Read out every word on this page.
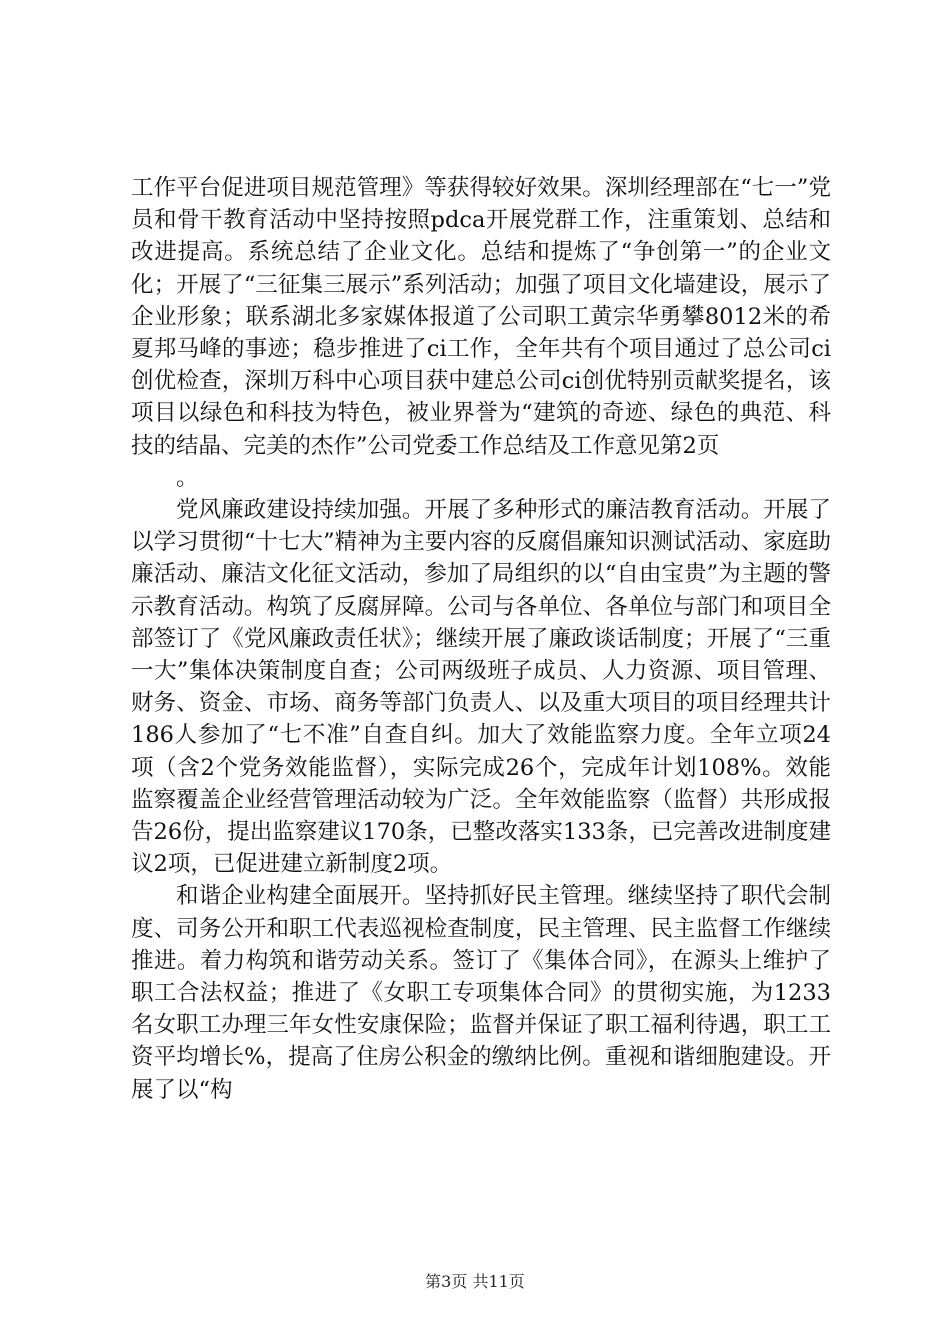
工作平台促进项目规范管理》等获得较好效果。深圳经理部在“七一”党员和骨干教育活动中坚持按照pdca开展党群工作，注重策划、总结和改进提高。系统总结了企业文化。总结和提炼了“争创第一”的企业文化；开展了“三征集三展示”系列活动；加强了项目文化墙建设，展示了企业形象；联系湖北多家媒体报道了公司职工黄宗华勇攀8012米的希夏邦马峰的事迹；稳步推进了ci工作，全年共有个项目通过了总公司ci创优检查，深圳万科中心项目获中建总公司ci创优特别贡献奖提名，该项目以绿色和科技为特色，被业界誉为“建筑的奇迹、绿色的典范、科技的结晶、完美的杰作”公司党委工作总结及工作意见第2页

。

党风廉政建设持续加强。开展了多种形式的廉洁教育活动。开展了以学习贯彻“十七大”精神为主要内容的反腐倡廉知识测试活动、家庭助廉活动、廉洁文化征文活动，参加了局组织的以“自由宝贵”为主题的警示教育活动。构筑了反腐屏障。公司与各单位、各单位与部门和项目全部签订了《党风廉政责任状》；继续开展了廉政谈话制度；开展了“三重一大”集体决策制度自查；公司两级班子成员、人力资源、项目管理、财务、资金、市场、商务等部门负责人、以及重大项目的项目经理共计186人参加了“七不准”自查自纠。加大了效能监察力度。全年立项24项（含2个党务效能监督），实际完成26个，完成年计划108%。效能监察覆盖企业经营管理活动较为广泛。全年效能监察（监督）共形成报告26份，提出监察建议170条，已整改落实133条，已完善改进制度建议2项，已促进建立新制度2项。

和谐企业构建全面展开。坚持抓好民主管理。继续坚持了职代会制度、司务公开和职工代表巡视检查制度，民主管理、民主监督工作继续推进。着力构筑和谐劳动关系。签订了《集体合同》，在源头上维护了职工合法权益；推进了《女职工专项集体合同》的贯彻实施，为1233名女职工办理三年女性安康保险；监督并保证了职工福利待遇，职工工资平均增长%，提高了住房公积金的缴纳比例。重视和谐细胞建设。开展了以“构

第3页 共11页
